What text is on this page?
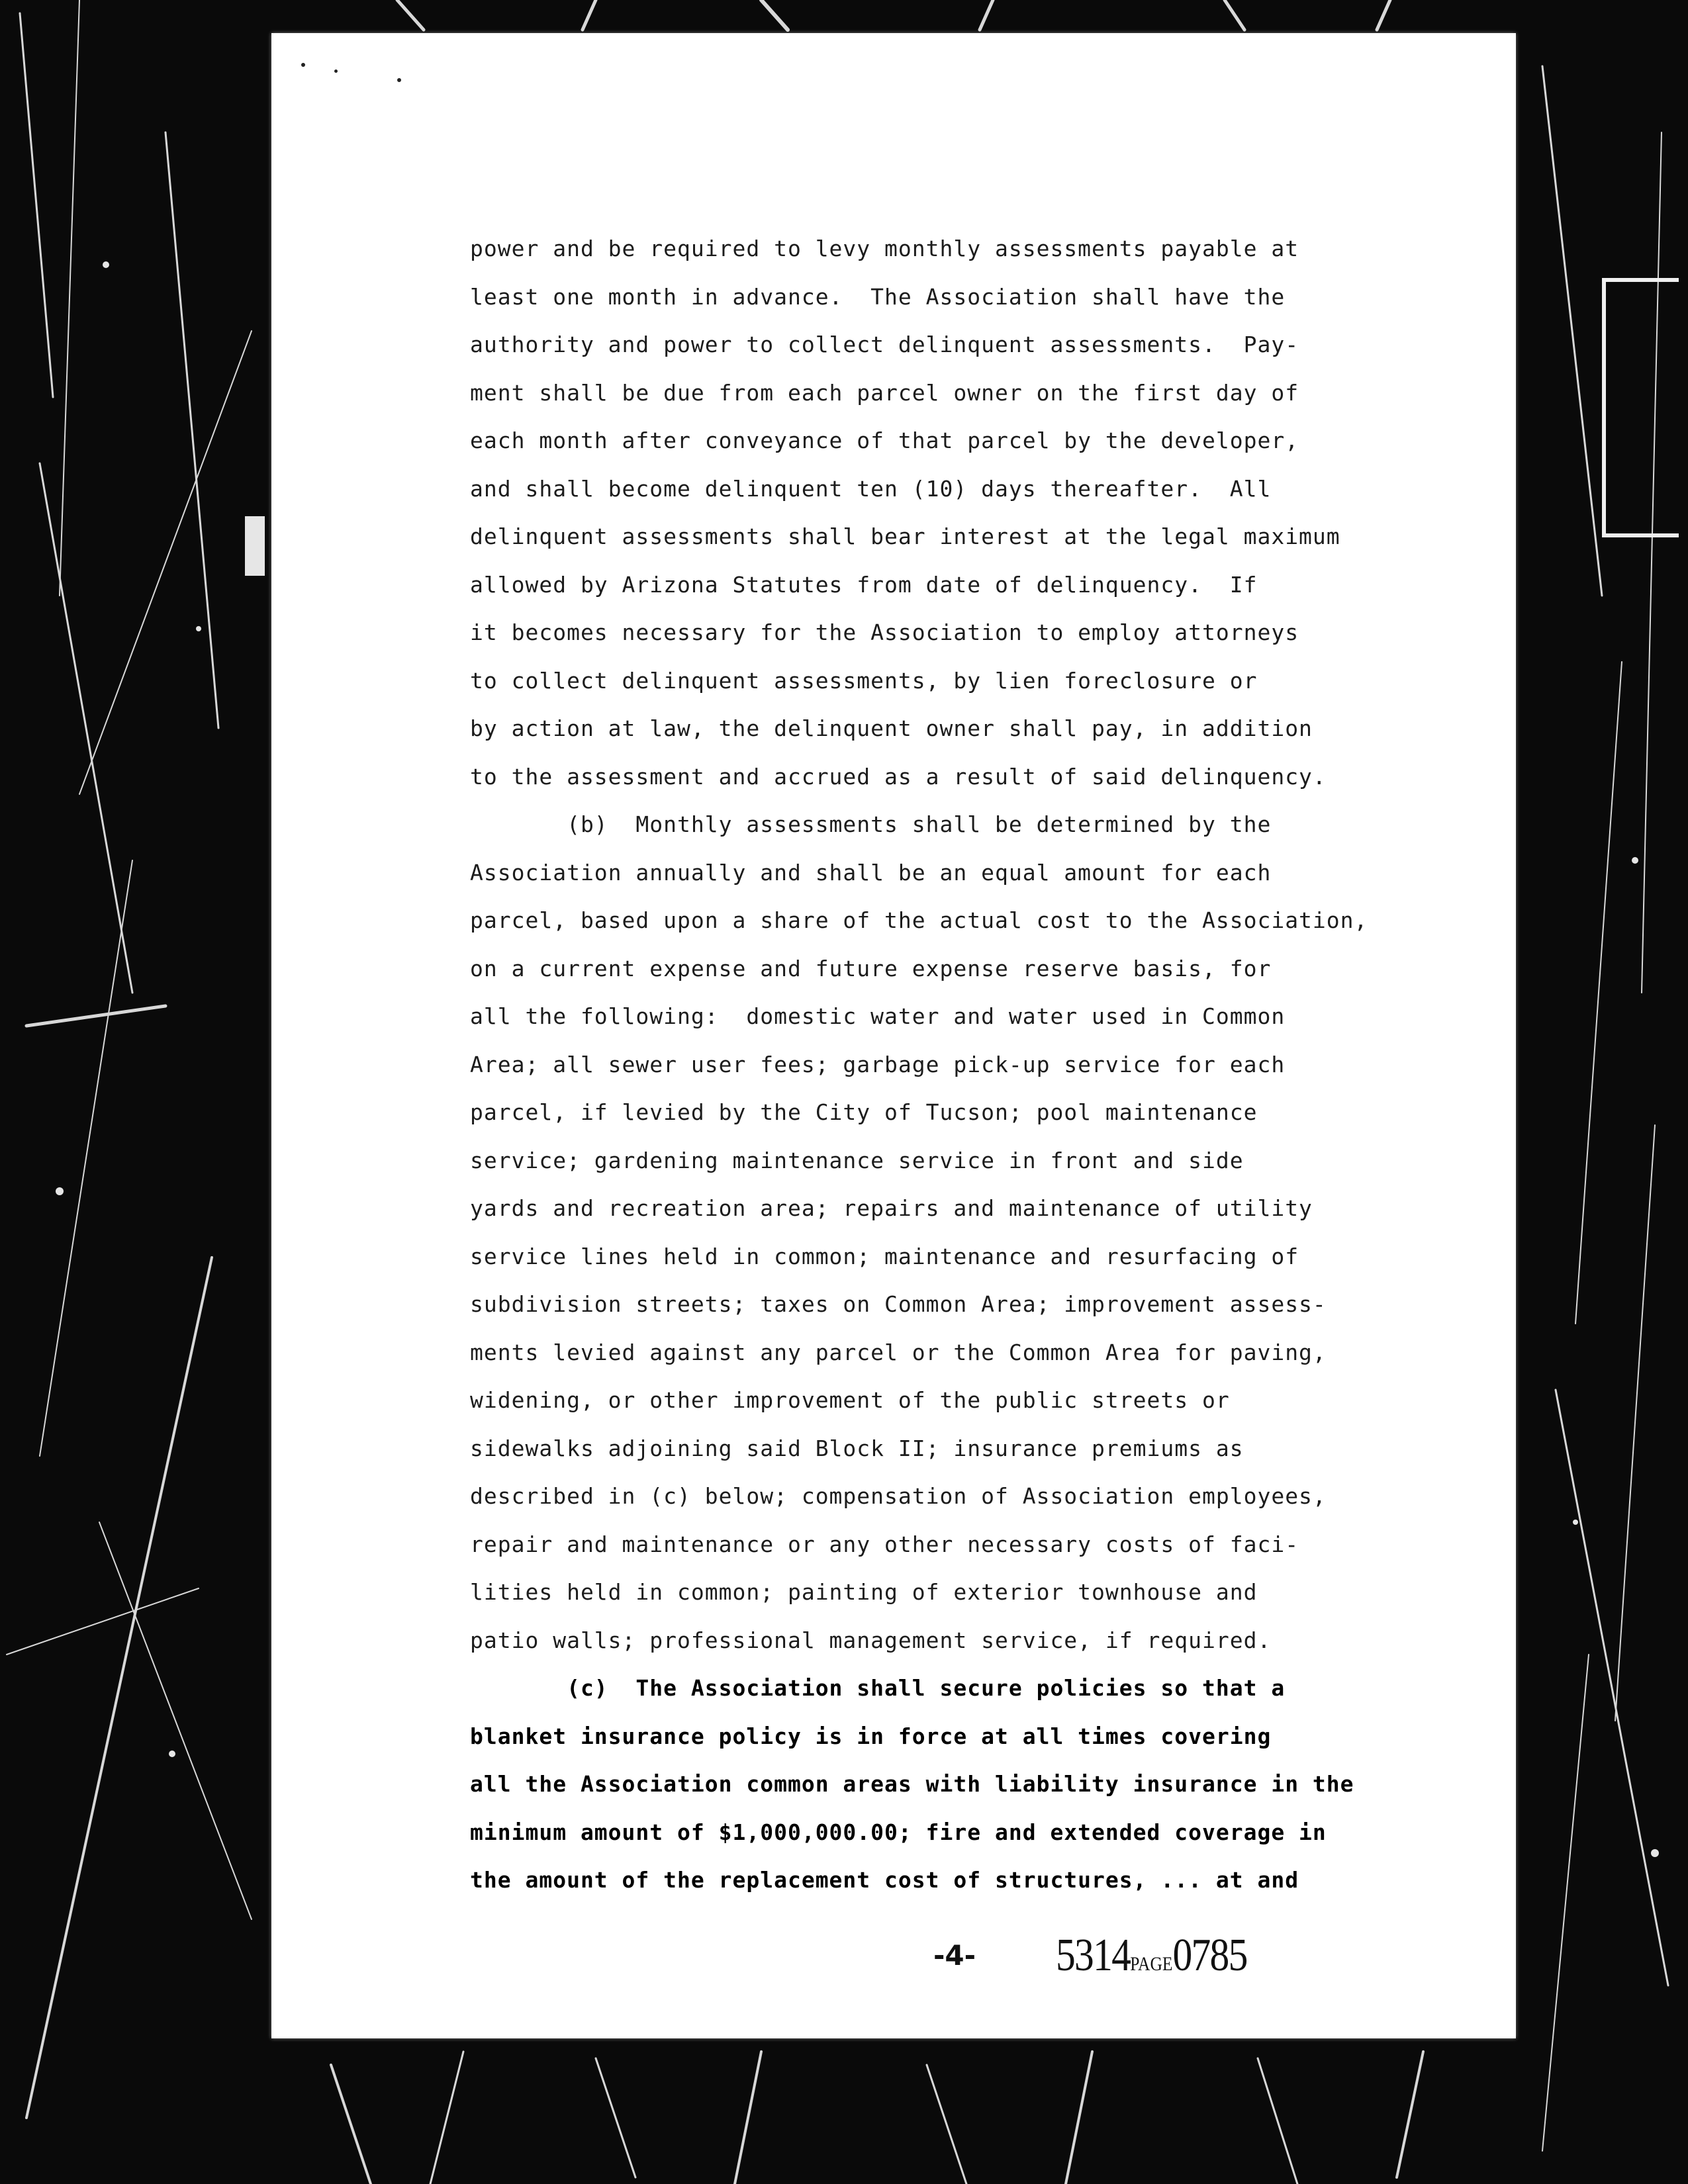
power and be required to levy monthly assessments payable at
least one month in advance.  The Association shall have the
authority and power to collect delinquent assessments.  Pay-
ment shall be due from each parcel owner on the first day of
each month after conveyance of that parcel by the developer,
and shall become delinquent ten (10) days thereafter.  All
delinquent assessments shall bear interest at the legal maximum
allowed by Arizona Statutes from date of delinquency.  If
it becomes necessary for the Association to employ attorneys
to collect delinquent assessments, by lien foreclosure or
by action at law, the delinquent owner shall pay, in addition
to the assessment and accrued as a result of said delinquency.
(b)  Monthly assessments shall be determined by the
Association annually and shall be an equal amount for each
parcel, based upon a share of the actual cost to the Association,
on a current expense and future expense reserve basis, for
all the following:  domestic water and water used in Common
Area; all sewer user fees; garbage pick-up service for each
parcel, if levied by the City of Tucson; pool maintenance
service; gardening maintenance service in front and side
yards and recreation area; repairs and maintenance of utility
service lines held in common; maintenance and resurfacing of
subdivision streets; taxes on Common Area; improvement assess-
ments levied against any parcel or the Common Area for paving,
widening, or other improvement of the public streets or
sidewalks adjoining said Block II; insurance premiums as
described in (c) below; compensation of Association employees,
repair and maintenance or any other necessary costs of faci-
lities held in common; painting of exterior townhouse and
patio walls; professional management service, if required.
(c)  The Association shall secure policies so that a
blanket insurance policy is in force at all times covering
all the Association common areas with liability insurance in the
minimum amount of $1,000,000.00; fire and extended coverage in
the amount of the replacement cost of structures, ... at and
-4- 5314PAGE0785
